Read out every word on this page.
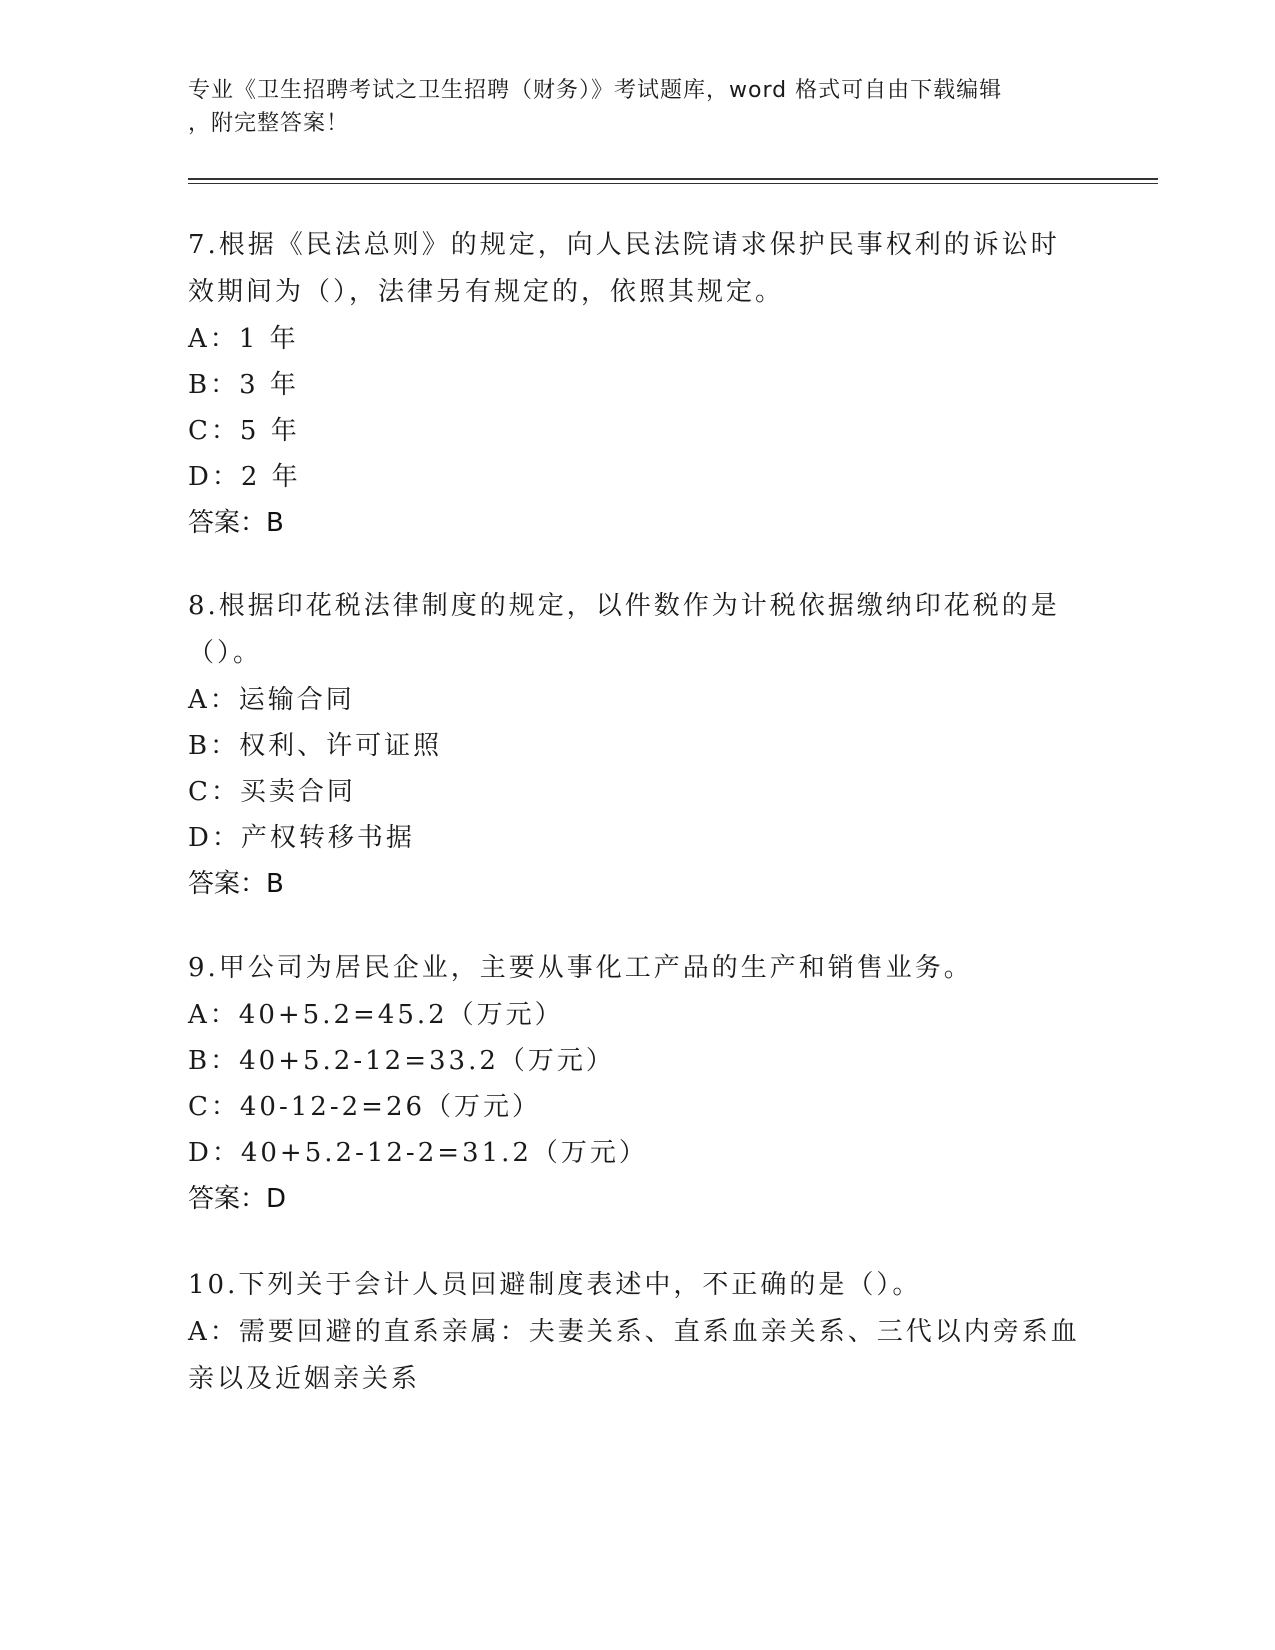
专业《卫生招聘考试之卫生招聘（财务）》考试题库，word 格式可自由下载编辑
，附完整答案！
7.根据《民法总则》的规定，向人民法院请求保护民事权利的诉讼时效期间为（），法律另有规定的，依照其规定。
A：1 年
B：3 年
C：5 年
D：2 年
答案：B
8.根据印花税法律制度的规定，以件数作为计税依据缴纳印花税的是（）。
A：运输合同
B：权利、许可证照
C：买卖合同
D：产权转移书据
答案：B
9.甲公司为居民企业，主要从事化工产品的生产和销售业务。
A：40+5.2=45.2（万元）
B：40+5.2-12=33.2（万元）
C：40-12-2=26（万元）
D：40+5.2-12-2=31.2（万元）
答案：D
10.下列关于会计人员回避制度表述中，不正确的是（）。
A：需要回避的直系亲属：夫妻关系、直系血亲关系、三代以内旁系血亲以及近姻亲关系
